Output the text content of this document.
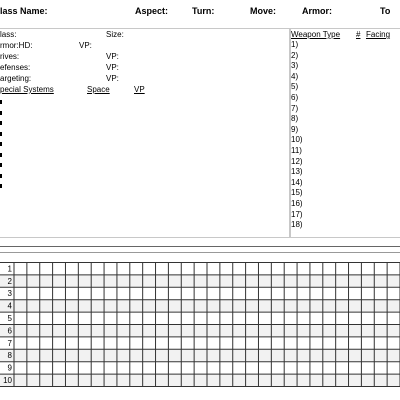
lass Name:	Aspect:	Turn:	Move:	Armor:	To
lass:	Size:
rmor:HD:	VP:
rives:	VP:
efenses:	VP:
argeting:	VP:
pecial Systems	Space	VP
Weapon Type # Facing
1)
2)
3)
4)
5)
6)
7)
8)
9)
10)
11)
12)
13)
14)
15)
16)
17)
18)
1
2
3
4
5
6
7
8
9
10
